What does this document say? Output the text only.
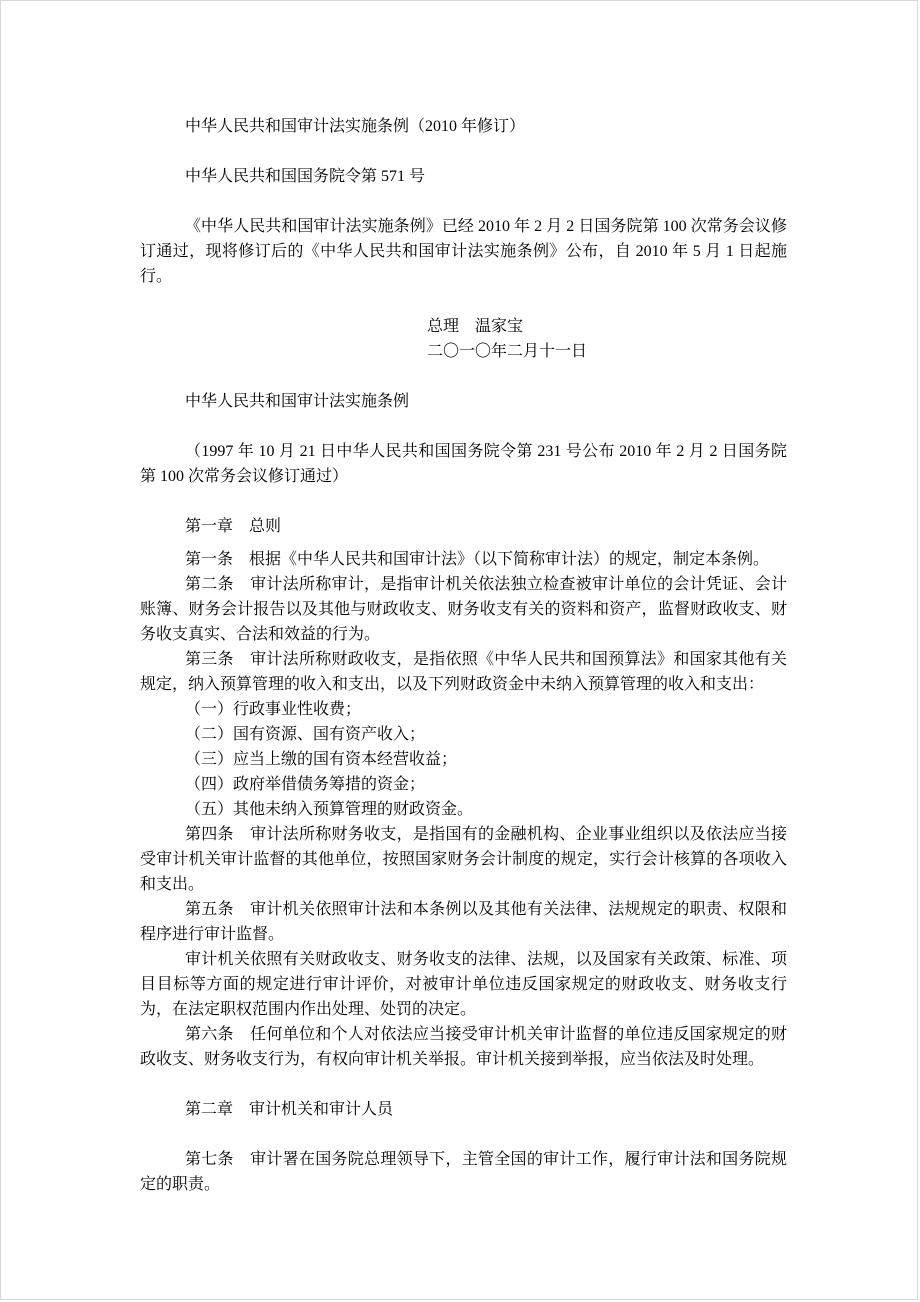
中华人民共和国审计法实施条例（2010 年修订）

中华人民共和国国务院令第 571 号

《中华人民共和国审计法实施条例》已经 2010 年 2 月 2 日国务院第 100 次常务会议修订通过，现将修订后的《中华人民共和国审计法实施条例》公布，自 2010 年 5 月 1 日起施行。

总理　温家宝

二〇一〇年二月十一日

中华人民共和国审计法实施条例

（1997 年 10 月 21 日中华人民共和国国务院令第 231 号公布 2010 年 2 月 2 日国务院第 100 次常务会议修订通过）

第一章　总则

第一条　根据《中华人民共和国审计法》（以下简称审计法）的规定，制定本条例。

第二条　审计法所称审计，是指审计机关依法独立检查被审计单位的会计凭证、会计账簿、财务会计报告以及其他与财政收支、财务收支有关的资料和资产，监督财政收支、财务收支真实、合法和效益的行为。

第三条　审计法所称财政收支，是指依照《中华人民共和国预算法》和国家其他有关规定，纳入预算管理的收入和支出，以及下列财政资金中未纳入预算管理的收入和支出：

（一）行政事业性收费；

（二）国有资源、国有资产收入；

（三）应当上缴的国有资本经营收益；

（四）政府举借债务筹措的资金；

（五）其他未纳入预算管理的财政资金。

第四条　审计法所称财务收支，是指国有的金融机构、企业事业组织以及依法应当接受审计机关审计监督的其他单位，按照国家财务会计制度的规定，实行会计核算的各项收入和支出。

第五条　审计机关依照审计法和本条例以及其他有关法律、法规规定的职责、权限和程序进行审计监督。

审计机关依照有关财政收支、财务收支的法律、法规，以及国家有关政策、标准、项目目标等方面的规定进行审计评价，对被审计单位违反国家规定的财政收支、财务收支行为，在法定职权范围内作出处理、处罚的决定。

第六条　任何单位和个人对依法应当接受审计机关审计监督的单位违反国家规定的财政收支、财务收支行为，有权向审计机关举报。审计机关接到举报，应当依法及时处理。

第二章　审计机关和审计人员

第七条　审计署在国务院总理领导下，主管全国的审计工作，履行审计法和国务院规定的职责。
